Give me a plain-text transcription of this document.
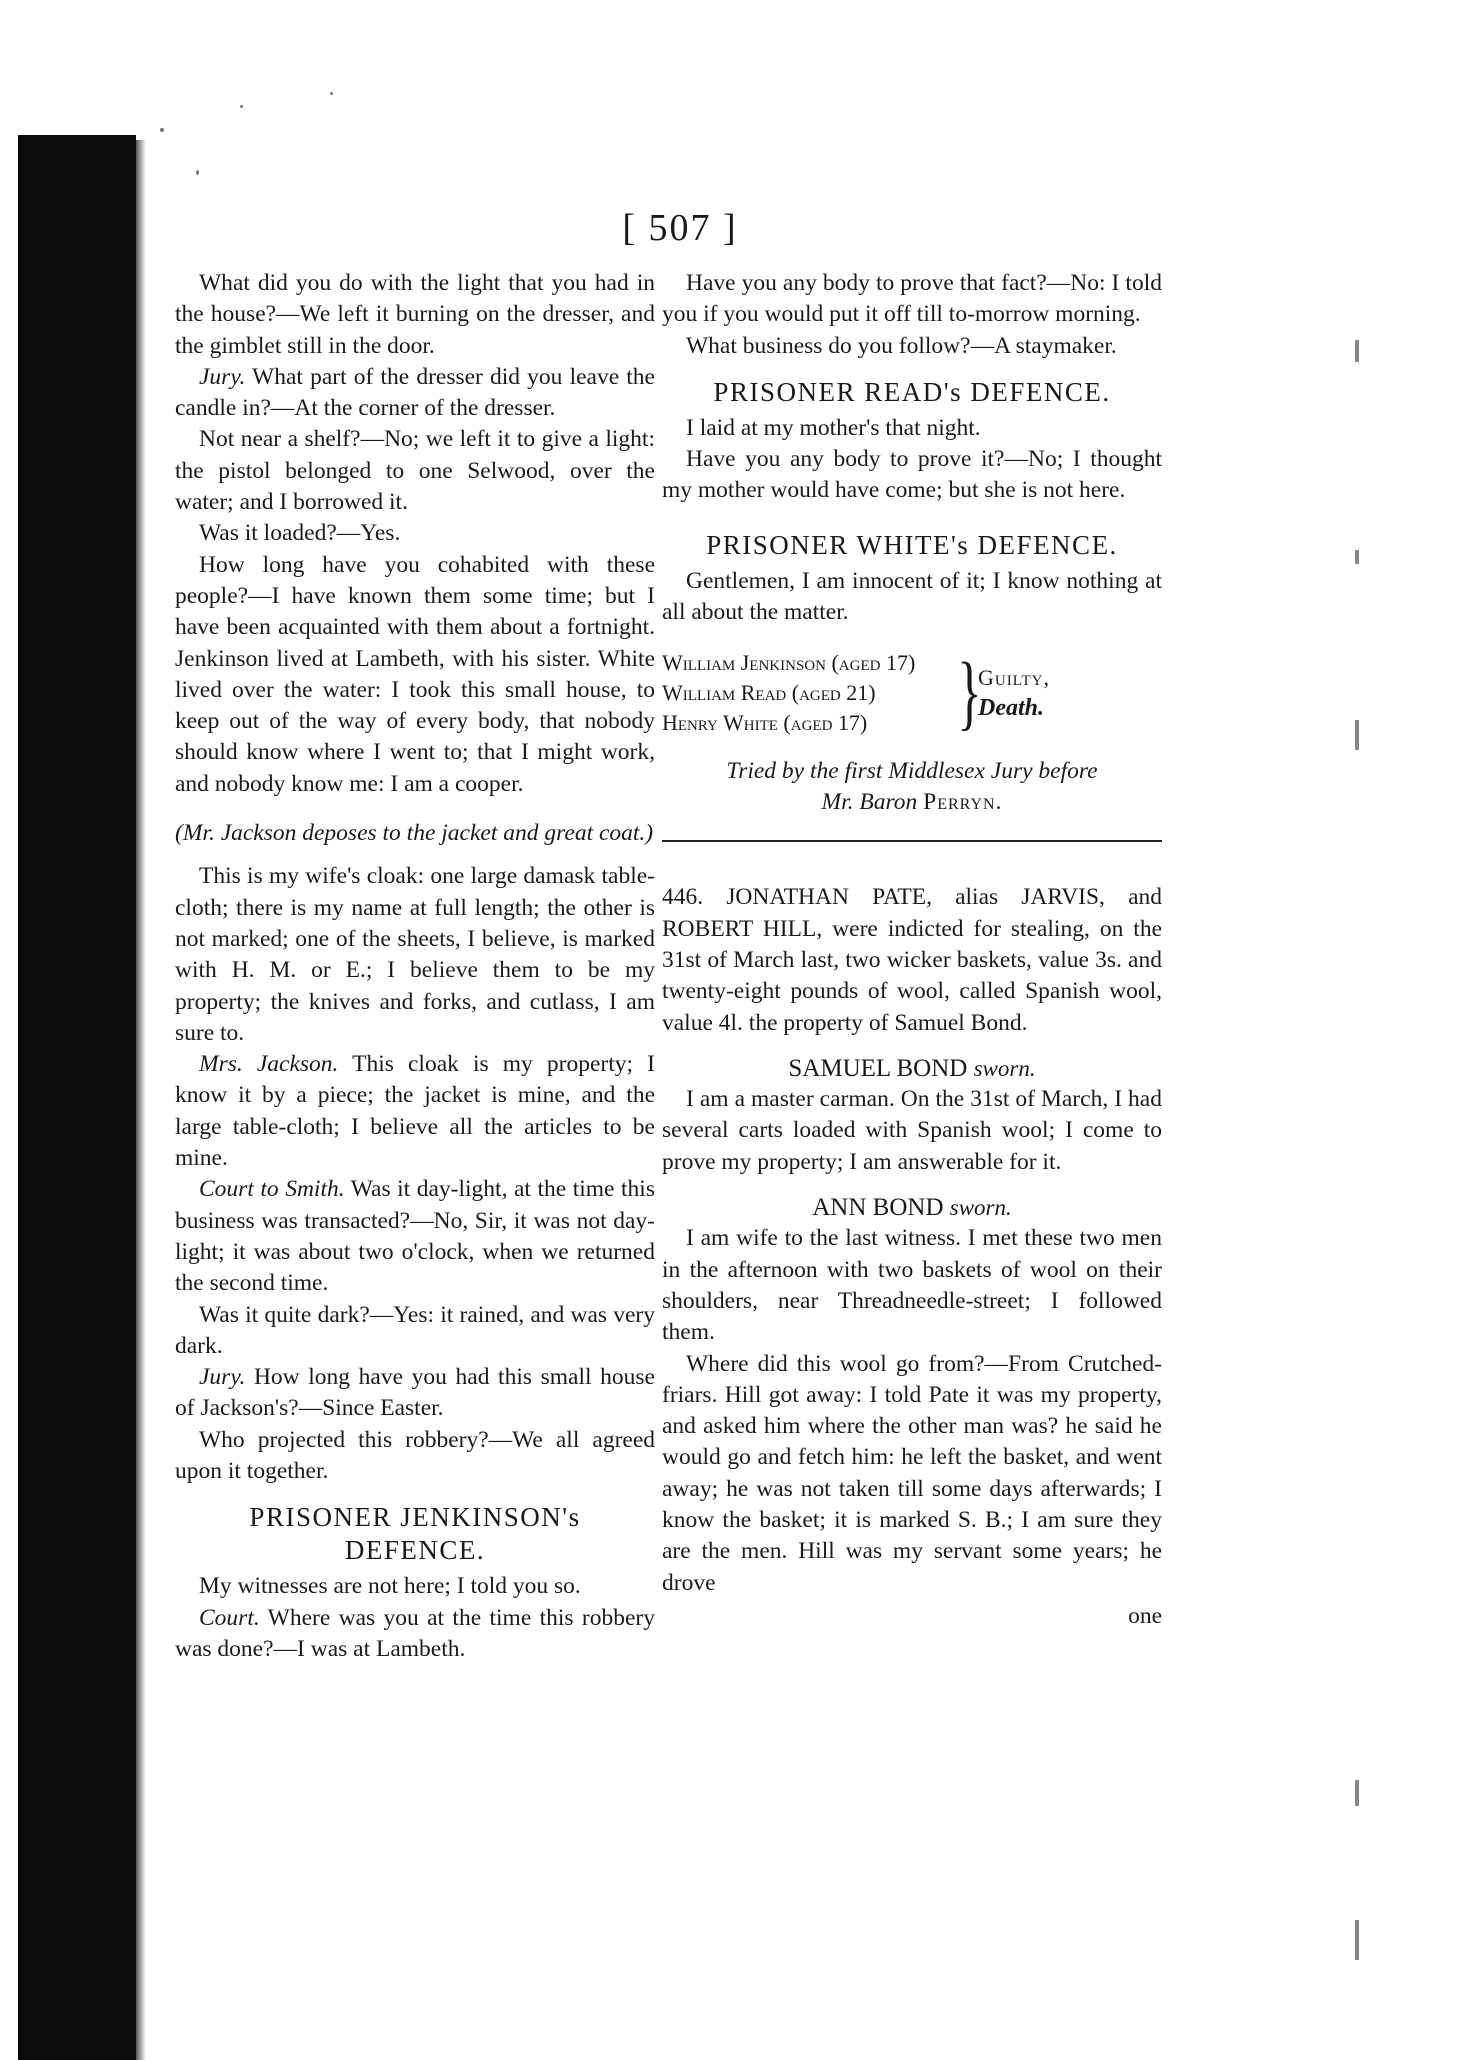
[ 507 ]

What did you do with the light that you had in the house?—We left it burning on the dresser, and the gimblet still in the door.

Jury. What part of the dresser did you leave the candle in?—At the corner of the dresser.

Not near a shelf?—No; we left it to give a light: the pistol belonged to one Selwood, over the water; and I borrowed it.

Was it loaded?—Yes.

How long have you cohabited with these people?—I have known them some time; but I have been acquainted with them about a fortnight. Jenkinson lived at Lambeth, with his sister. White lived over the water: I took this small house, to keep out of the way of every body, that nobody should know where I went to; that I might work, and nobody know me: I am a cooper.

(Mr. Jackson deposes to the jacket and great coat.)

This is my wife's cloak: one large damask table-cloth; there is my name at full length; the other is not marked; one of the sheets, I believe, is marked with H. M. or E.; I believe them to be my property; the knives and forks, and cutlass, I am sure to.

Mrs. Jackson. This cloak is my property; I know it by a piece; the jacket is mine, and the large table-cloth; I believe all the articles to be mine.

Court to Smith. Was it day-light, at the time this business was transacted?—No, Sir, it was not day-light; it was about two o'clock, when we returned the second time.

Was it quite dark?—Yes: it rained, and was very dark.

Jury. How long have you had this small house of Jackson's?—Since Easter.

Who projected this robbery?—We all agreed upon it together.

PRISONER JENKINSON's DEFENCE.

My witnesses are not here; I told you so.

Court. Where was you at the time this robbery was done?—I was at Lambeth.

Have you any body to prove that fact?—No: I told you if you would put it off till to-morrow morning.

What business do you follow?—A staymaker.

PRISONER READ's DEFENCE.

I laid at my mother's that night.

Have you any body to prove it?—No; I thought my mother would have come; but she is not here.

PRISONER WHITE's DEFENCE.

Gentlemen, I am innocent of it; I know nothing at all about the matter.

William Jenkinson (aged 17)
William Read (aged 21)
Henry White (aged 17)	}
Guilty,
Death.
Tried by the first Middlesex Jury before
Mr. Baron Perryn.

446. JONATHAN PATE, alias JARVIS, and ROBERT HILL, were indicted for stealing, on the 31st of March last, two wicker baskets, value 3s. and twenty-eight pounds of wool, called Spanish wool, value 4l. the property of Samuel Bond.

SAMUEL BOND sworn.

I am a master carman. On the 31st of March, I had several carts loaded with Spanish wool; I come to prove my property; I am answerable for it.

ANN BOND sworn.

I am wife to the last witness. I met these two men in the afternoon with two baskets of wool on their shoulders, near Threadneedle-street; I followed them.

Where did this wool go from?—From Crutched-friars. Hill got away: I told Pate it was my property, and asked him where the other man was? he said he would go and fetch him: he left the basket, and went away; he was not taken till some days afterwards; I know the basket; it is marked S. B.; I am sure they are the men. Hill was my servant some years; he drove

one
